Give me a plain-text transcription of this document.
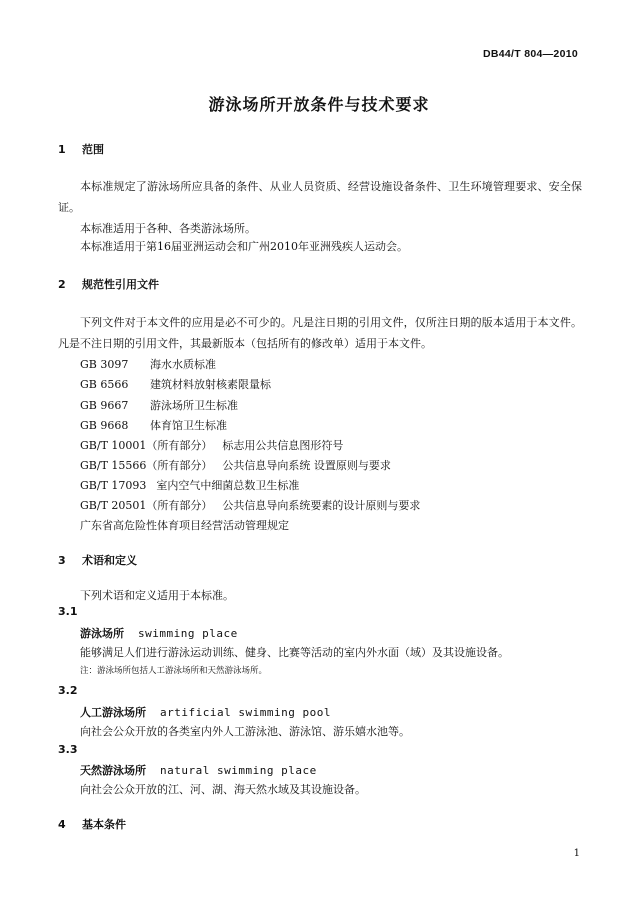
DB44/T 804—2010
游泳场所开放条件与技术要求
1 范围
本标准规定了游泳场所应具备的条件、从业人员资质、经营设施设备条件、卫生环境管理要求、安全保证。
本标准适用于各种、各类游泳场所。
本标准适用于第16届亚洲运动会和广州2010年亚洲残疾人运动会。
2 规范性引用文件
下列文件对于本文件的应用是必不可少的。凡是注日期的引用文件，仅所注日期的版本适用于本文件。凡是不注日期的引用文件，其最新版本（包括所有的修改单）适用于本文件。
GB 3097 海水水质标准
GB 6566 建筑材料放射核素限量标
GB 9667 游泳场所卫生标准
GB 9668 体育馆卫生标准
GB/T 10001（所有部分） 标志用公共信息图形符号
GB/T 15566（所有部分） 公共信息导向系统 设置原则与要求
GB/T 17093 室内空气中细菌总数卫生标准
GB/T 20501（所有部分） 公共信息导向系统要素的设计原则与要求
广东省高危险性体育项目经营活动管理规定
3 术语和定义
下列术语和定义适用于本标准。
3.1
游泳场所 swimming place
能够满足人们进行游泳运动训练、健身、比赛等活动的室内外水面（域）及其设施设备。
注：游泳场所包括人工游泳场所和天然游泳场所。
3.2
人工游泳场所 artificial swimming pool
向社会公众开放的各类室内外人工游泳池、游泳馆、游乐嬉水池等。
3.3
天然游泳场所 natural swimming place
向社会公众开放的江、河、湖、海天然水域及其设施设备。
4 基本条件
1
